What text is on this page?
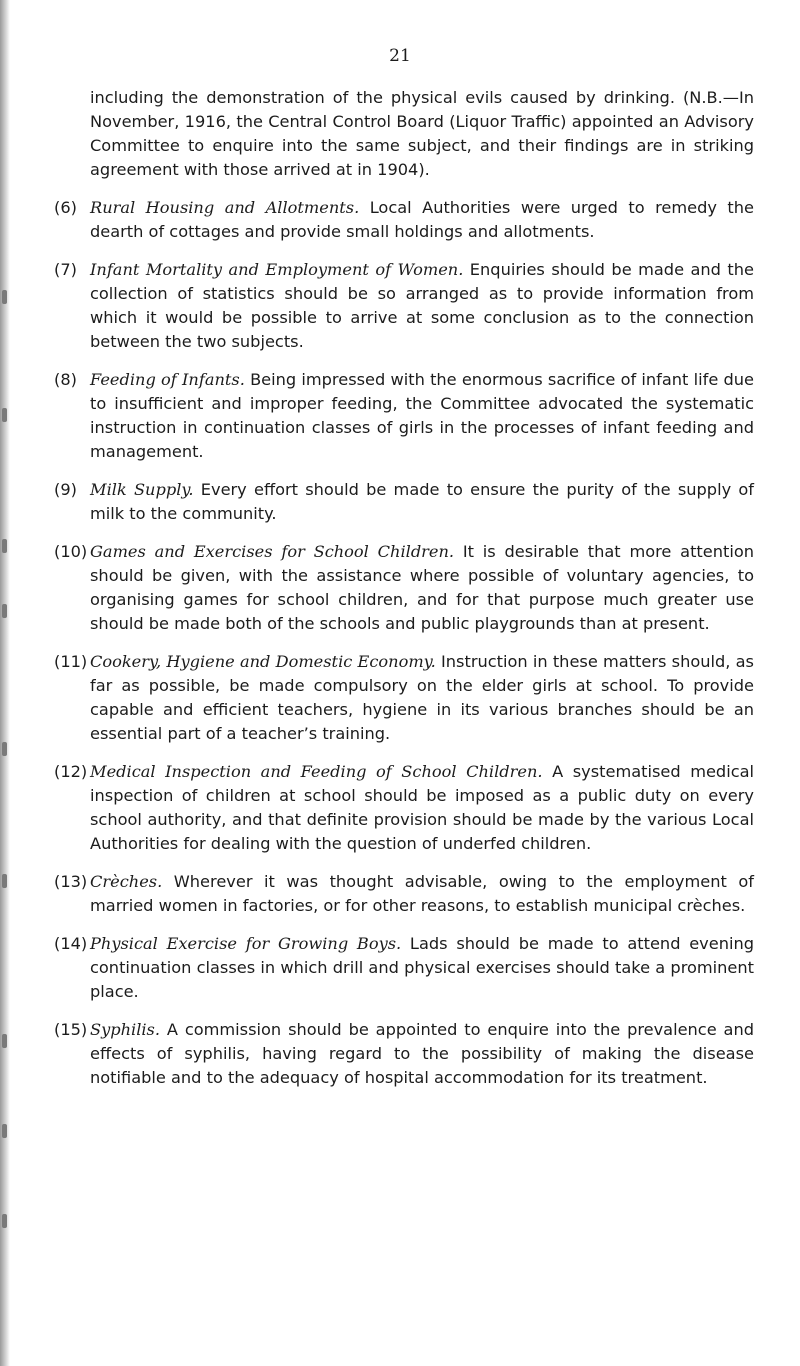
21

including the demonstration of the physical evils caused by drinking. (N.B.—In November, 1916, the Central Control Board (Liquor Traffic) appointed an Advisory Committee to enquire into the same subject, and their findings are in striking agreement with those arrived at in 1904).

(6) Rural Housing and Allotments. Local Authorities were urged to remedy the dearth of cottages and provide small holdings and allotments.

(7) Infant Mortality and Employment of Women. Enquiries should be made and the collection of statistics should be so arranged as to provide information from which it would be possible to arrive at some conclusion as to the connection between the two subjects.

(8) Feeding of Infants. Being impressed with the enormous sacrifice of infant life due to insufficient and improper feeding, the Committee advocated the systematic instruction in continuation classes of girls in the processes of infant feeding and management.

(9) Milk Supply. Every effort should be made to ensure the purity of the supply of milk to the community.

(10) Games and Exercises for School Children. It is desirable that more attention should be given, with the assistance where possible of voluntary agencies, to organising games for school children, and for that purpose much greater use should be made both of the schools and public playgrounds than at present.

(11) Cookery, Hygiene and Domestic Economy. Instruction in these matters should, as far as possible, be made compulsory on the elder girls at school. To provide capable and efficient teachers, hygiene in its various branches should be an essential part of a teacher’s training.

(12) Medical Inspection and Feeding of School Children. A systematised medical inspection of children at school should be imposed as a public duty on every school authority, and that definite provision should be made by the various Local Authorities for dealing with the question of underfed children.

(13) Crèches. Wherever it was thought advisable, owing to the employment of married women in factories, or for other reasons, to establish municipal crèches.

(14) Physical Exercise for Growing Boys. Lads should be made to attend evening continuation classes in which drill and physical exercises should take a prominent place.

(15) Syphilis. A commission should be appointed to enquire into the prevalence and effects of syphilis, having regard to the possibility of making the disease notifiable and to the adequacy of hospital accommodation for its treatment.
